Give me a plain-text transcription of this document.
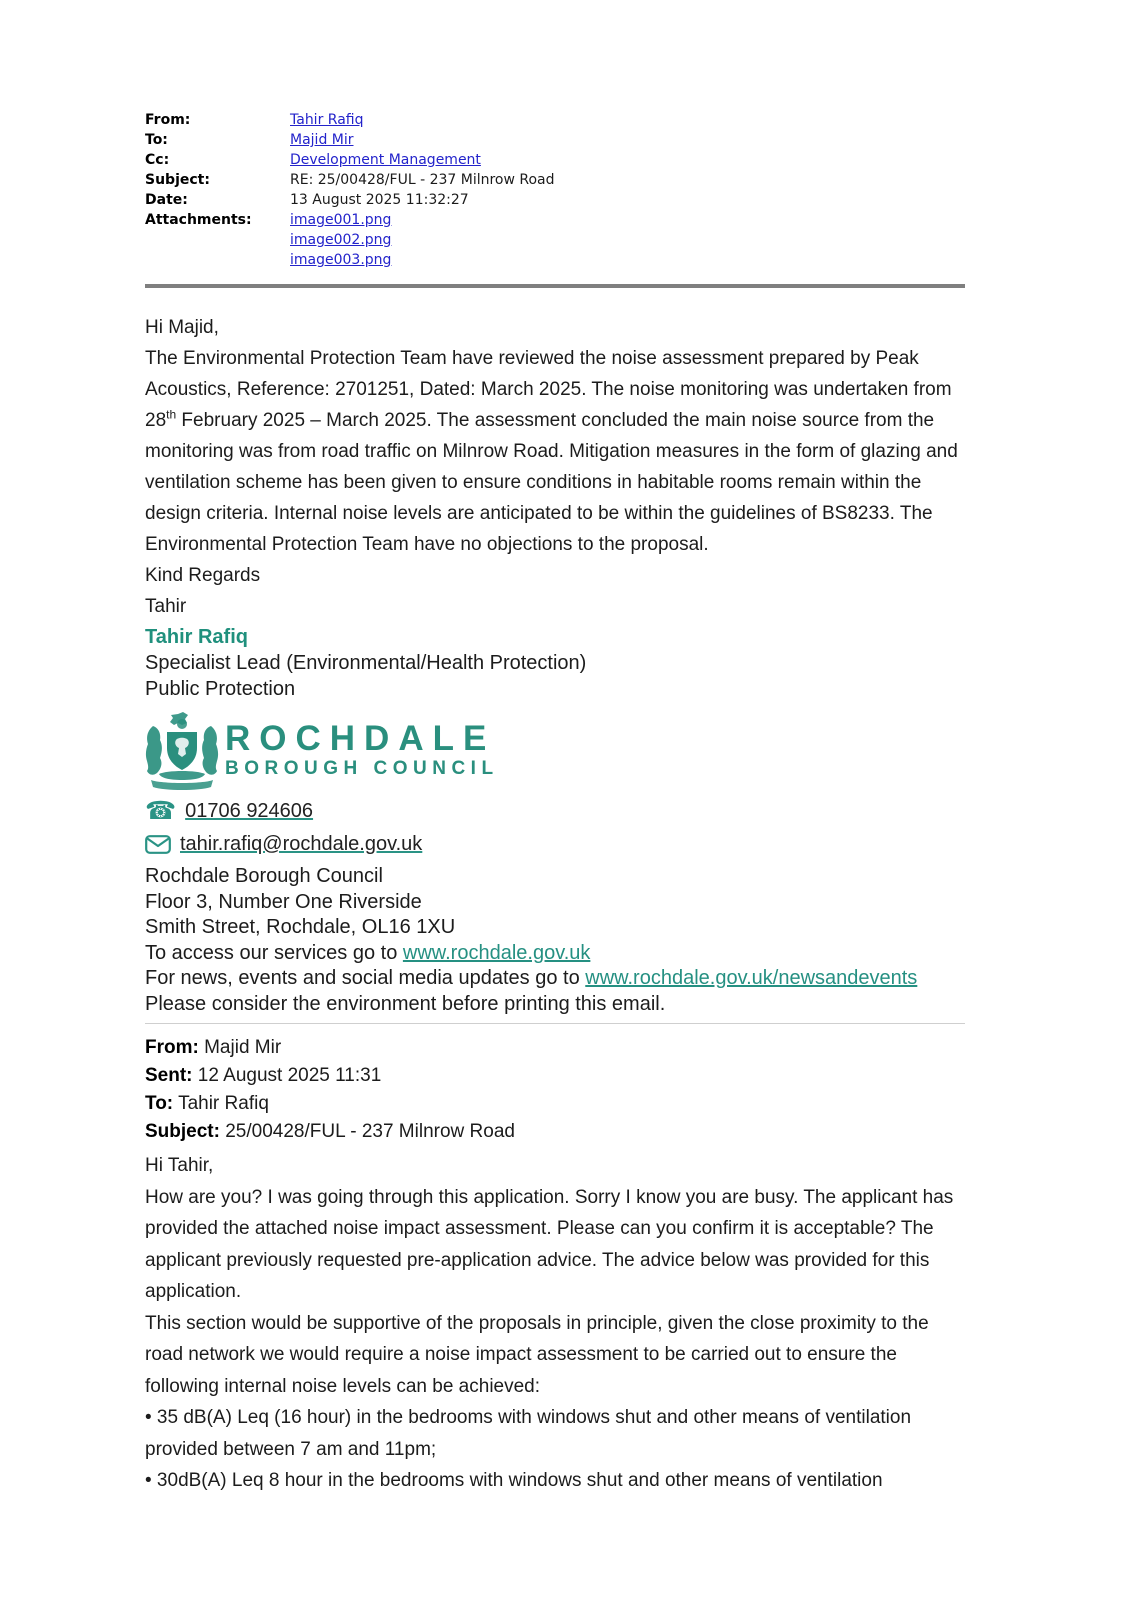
From:	Tahir Rafiq
To:	Majid Mir
Cc:	Development Management
Subject:	RE: 25/00428/FUL - 237 Milnrow Road
Date:	13 August 2025 11:32:27
Attachments:	image001.png
image002.png
image003.png

Hi Majid,

The Environmental Protection Team have reviewed the noise assessment prepared by Peak Acoustics, Reference: 2701251, Dated: March 2025. The noise monitoring was undertaken from 28th February 2025 – March 2025. The assessment concluded the main noise source from the monitoring was from road traffic on Milnrow Road. Mitigation measures in the form of glazing and ventilation scheme has been given to ensure conditions in habitable rooms remain within the design criteria. Internal noise levels are anticipated to be within the guidelines of BS8233. The Environmental Protection Team have no objections to the proposal.

Kind Regards

Tahir

Tahir Rafiq
Specialist Lead (Environmental/Health Protection)
Public Protection
ROCHDALE
BOROUGH COUNCIL
☎ 01706 924606
tahir.rafiq@rochdale.gov.uk
Rochdale Borough Council
Floor 3, Number One Riverside
Smith Street, Rochdale, OL16 1XU
To access our services go to www.rochdale.gov.uk
For news, events and social media updates go to www.rochdale.gov.uk/newsandevents
Please consider the environment before printing this email.

From: Majid Mir

Sent: 12 August 2025 11:31

To: Tahir Rafiq

Subject: 25/00428/FUL - 237 Milnrow Road

Hi Tahir,

How are you? I was going through this application. Sorry I know you are busy. The applicant has provided the attached noise impact assessment. Please can you confirm it is acceptable? The applicant previously requested pre-application advice. The advice below was provided for this application.

This section would be supportive of the proposals in principle, given the close proximity to the road network we would require a noise impact assessment to be carried out to ensure the following internal noise levels can be achieved:

• 35 dB(A) Leq (16 hour) in the bedrooms with windows shut and other means of ventilation provided between 7 am and 11pm;

• 30dB(A) Leq 8 hour in the bedrooms with windows shut and other means of ventilation
